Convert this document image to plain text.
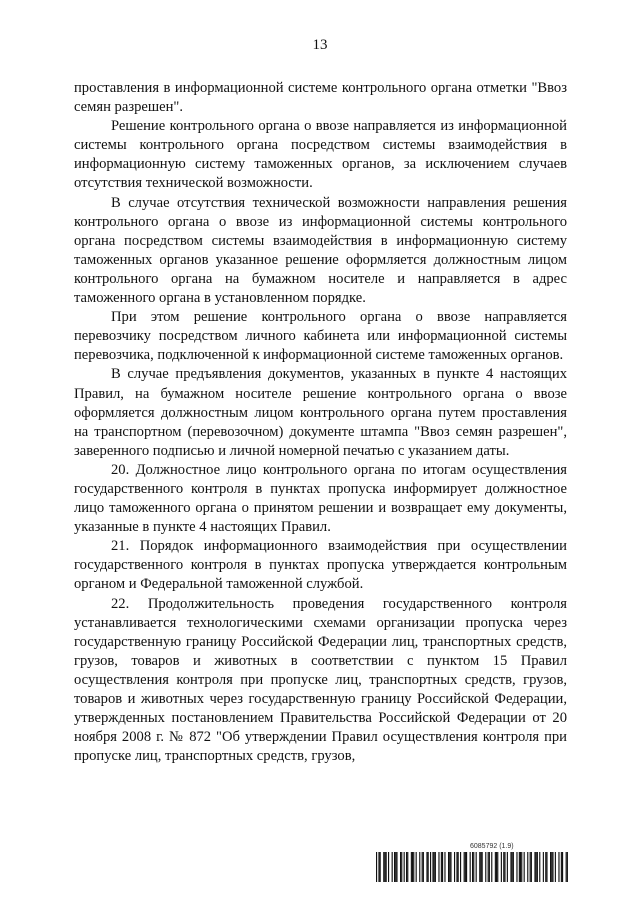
13

проставления в информационной системе контрольного органа отметки "Ввоз семян разрешен".

Решение контрольного органа о ввозе направляется из информационной системы контрольного органа посредством системы взаимодействия в информационную систему таможенных органов, за исключением случаев отсутствия технической возможности.

В случае отсутствия технической возможности направления решения контрольного органа о ввозе из информационной системы контрольного органа посредством системы взаимодействия в информационную систему таможенных органов указанное решение оформляется должностным лицом контрольного органа на бумажном носителе и направляется в адрес таможенного органа в установленном порядке.

При этом решение контрольного органа о ввозе направляется перевозчику посредством личного кабинета или информационной системы перевозчика, подключенной к информационной системе таможенных органов.

В случае предъявления документов, указанных в пункте 4 настоящих Правил, на бумажном носителе решение контрольного органа о ввозе оформляется должностным лицом контрольного органа путем проставления на транспортном (перевозочном) документе штампа "Ввоз семян разрешен", заверенного подписью и личной номерной печатью с указанием даты.

20. Должностное лицо контрольного органа по итогам осуществления государственного контроля в пунктах пропуска информирует должностное лицо таможенного органа о принятом решении и возвращает ему документы, указанные в пункте 4 настоящих Правил.

21. Порядок информационного взаимодействия при осуществлении государственного контроля в пунктах пропуска утверждается контрольным органом и Федеральной таможенной службой.

22. Продолжительность проведения государственного контроля устанавливается технологическими схемами организации пропуска через государственную границу Российской Федерации лиц, транспортных средств, грузов, товаров и животных в соответствии с пунктом 15 Правил осуществления контроля при пропуске лиц, транспортных средств, грузов, товаров и животных через государственную границу Российской Федерации, утвержденных постановлением Правительства Российской Федерации от 20 ноября 2008 г. № 872 "Об утверждении Правил осуществления контроля при пропуске лиц, транспортных средств, грузов,

6085792 (1.9)
